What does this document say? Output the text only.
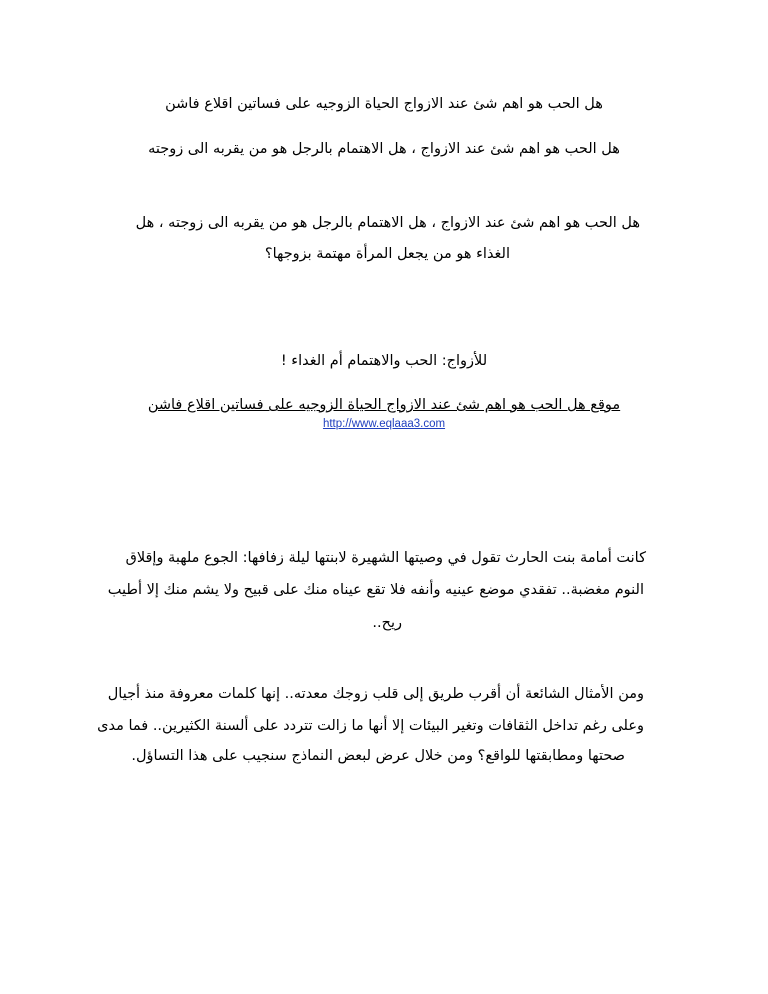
هل الحب هو اهم شئ عند الازواج الحياة الزوجيه على فساتين اقلاع فاشن
هل الحب هو اهم شئ عند الازواج ، هل الاهتمام بالرجل هو من يقربه الى زوجته
هل الحب هو اهم شئ عند الازواج ، هل الاهتمام بالرجل هو من يقربه الى زوجته ، هل
الغذاء هو من يجعل المرأة مهتمة بزوجها؟
للأزواج: الحب والاهتمام أم الغداء !
موقع هل الحب هو اهم شئ عند الازواج الحياة الزوجيه على فساتين اقلاع فاشن
http://www.eqlaaa3.com
كانت أمامة بنت الحارث تقول في وصيتها الشهيرة لابنتها ليلة زفافها: الجوع ملهبة وإقلاق
النوم مغضبة.. تفقدي موضع عينيه وأنفه فلا تقع عيناه منك على قبيح ولا يشم منك إلا أطيب
ريح..
ومن الأمثال الشائعة أن أقرب طريق إلى قلب زوجك معدته.. إنها كلمات معروفة منذ أجيال
وعلى رغم تداخل الثقافات وتغير البيئات إلا أنها ما زالت تتردد على ألسنة الكثيرين.. فما مدى
صحتها ومطابقتها للواقع؟ ومن خلال عرض لبعض النماذج سنجيب على هذا التساؤل.
